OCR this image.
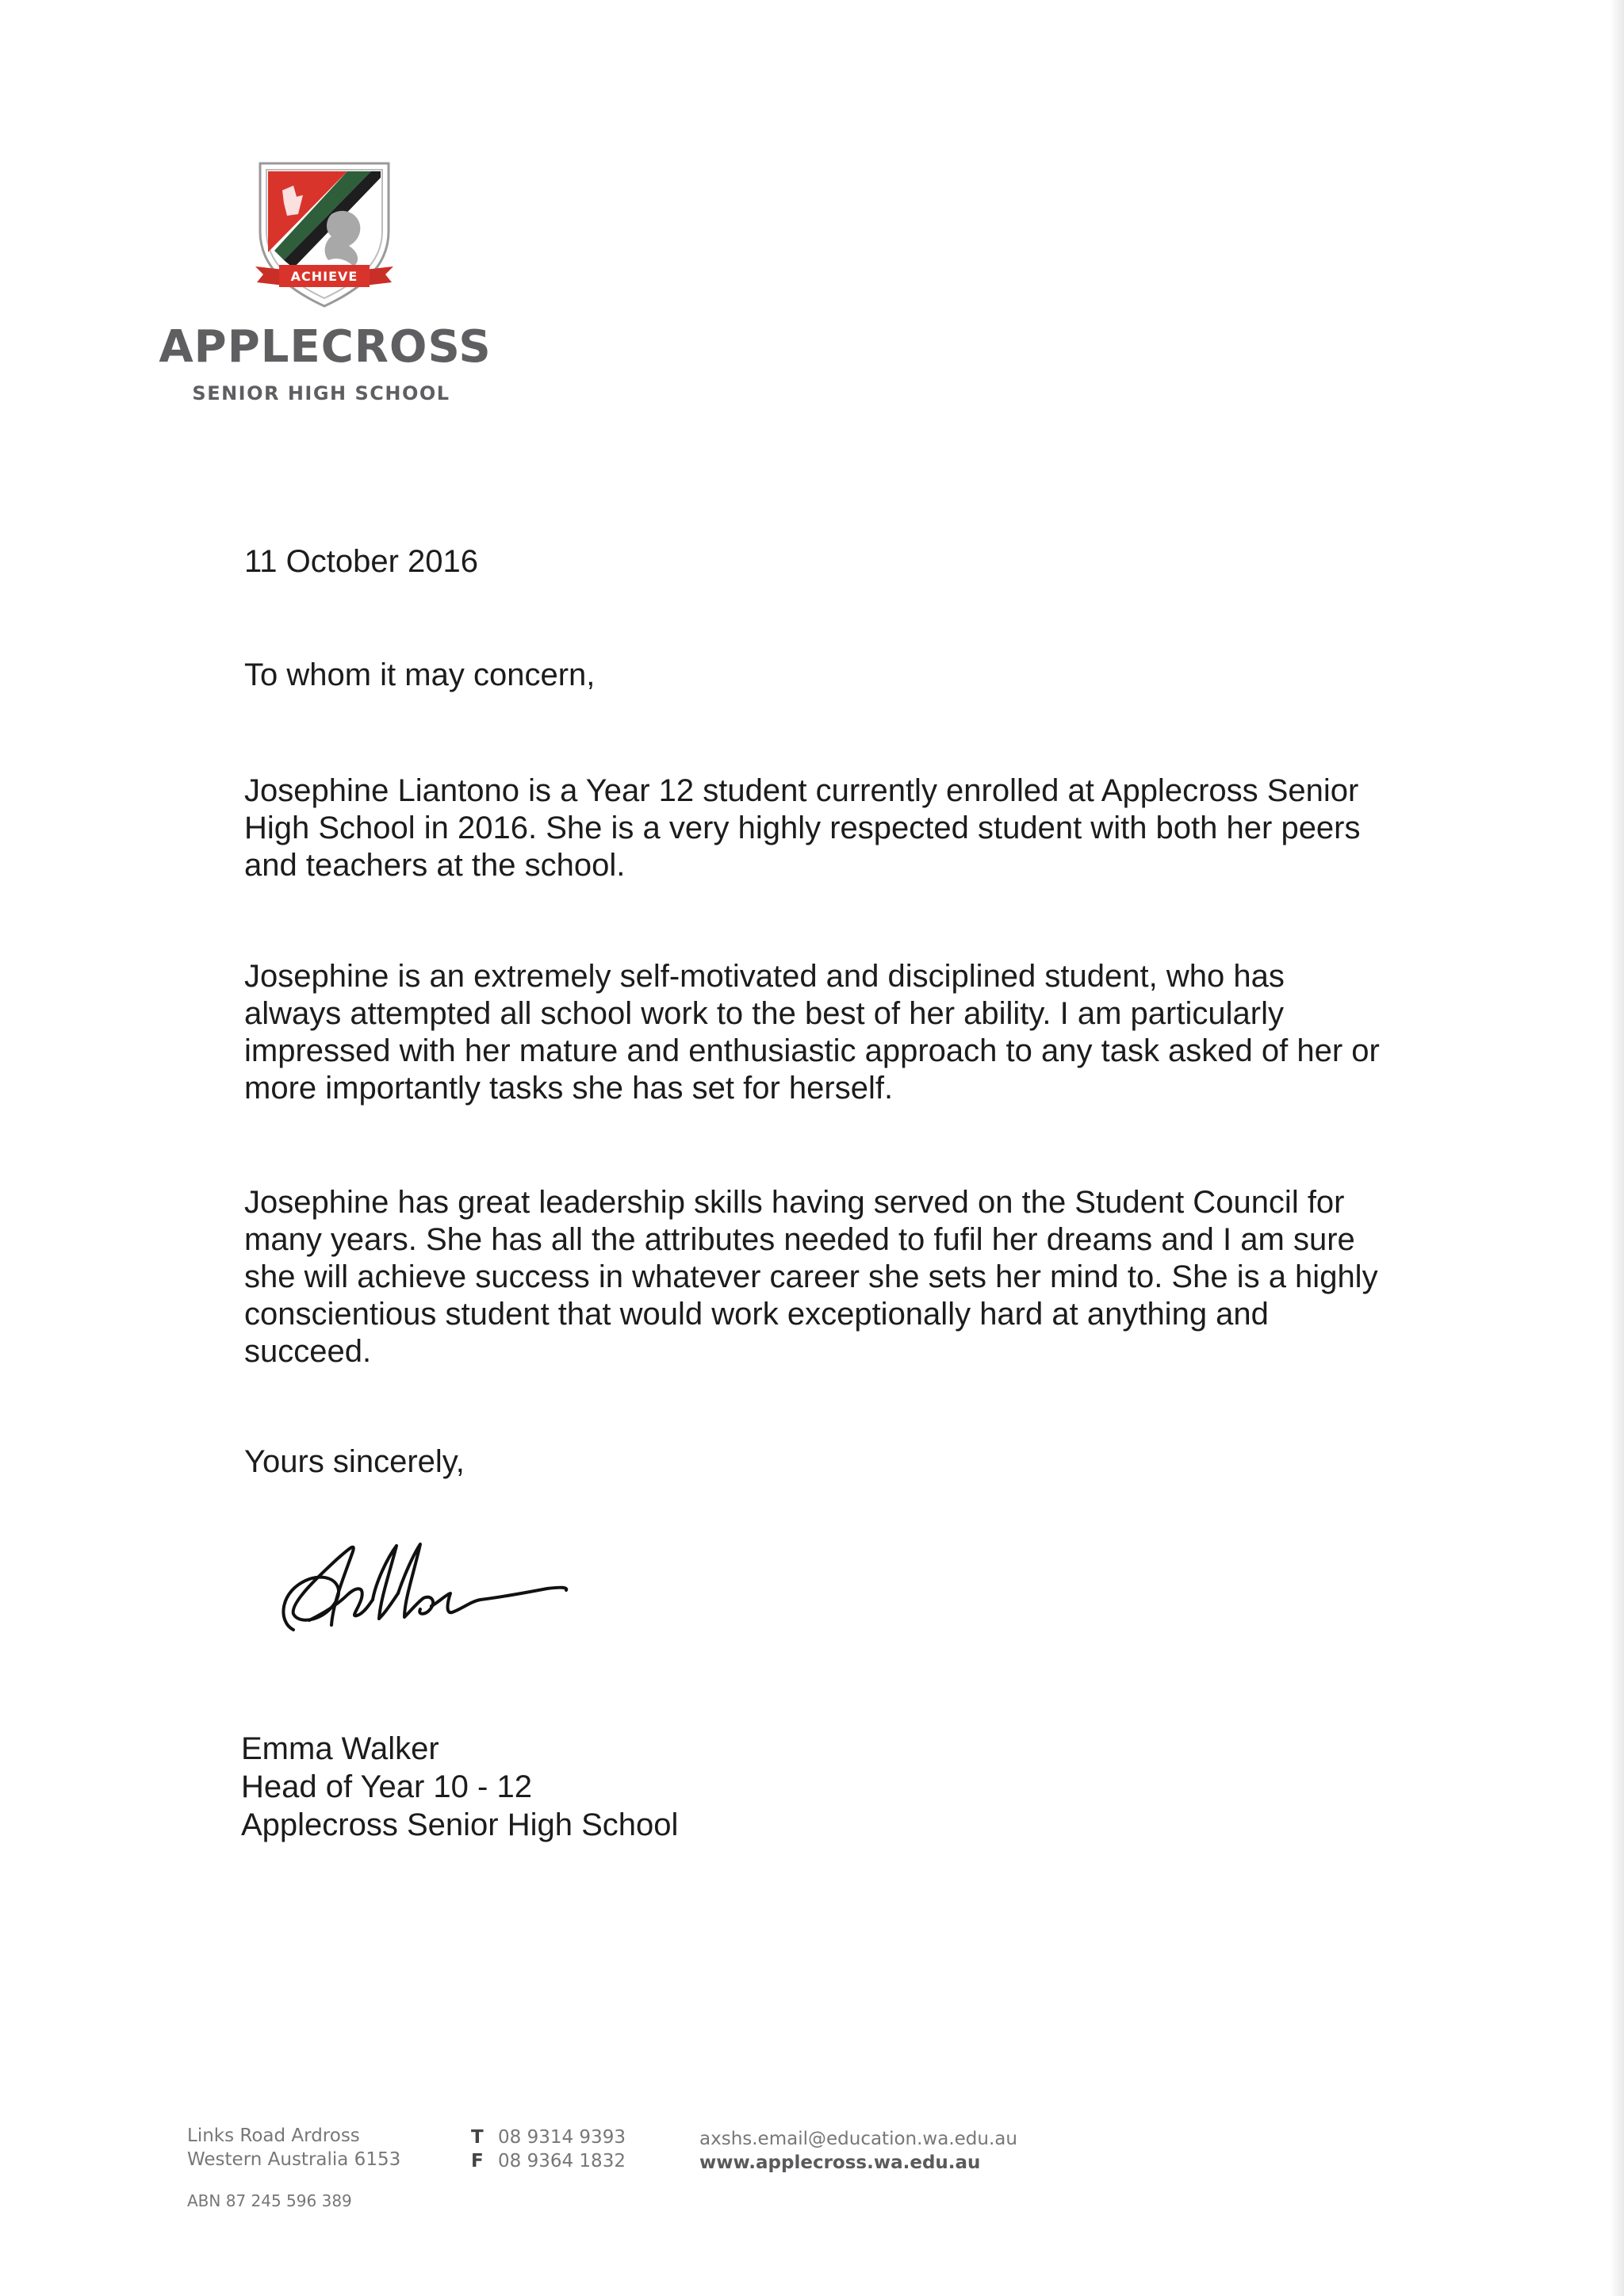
ACHIEVE
APPLECROSS
SENIOR HIGH SCHOOL
11 October 2016
To whom it may concern,

Josephine Liantono is a Year 12 student currently enrolled at Applecross Senior High School in 2016. She is a very highly respected student with both her peers and teachers at the school.

Josephine is an extremely self-motivated and disciplined student, who has always attempted all school work to the best of her ability. I am particularly impressed with her mature and enthusiastic approach to any task asked of her or more importantly tasks she has set for herself.

Josephine has great leadership skills having served on the Student Council for many years. She has all the attributes needed to fufil her dreams and I am sure she will achieve success in whatever career she sets her mind to. She is a highly conscientious student that would work exceptionally hard at anything and succeed.

Yours sincerely,
Emma Walker
Head of Year 10 - 12
Applecross Senior High School
Links Road Ardross
Western Australia 6153
ABN 87 245 596 389
T 08 9314 9393
F 08 9364 1832
axshs.email@education.wa.edu.au
www.applecross.wa.edu.au
